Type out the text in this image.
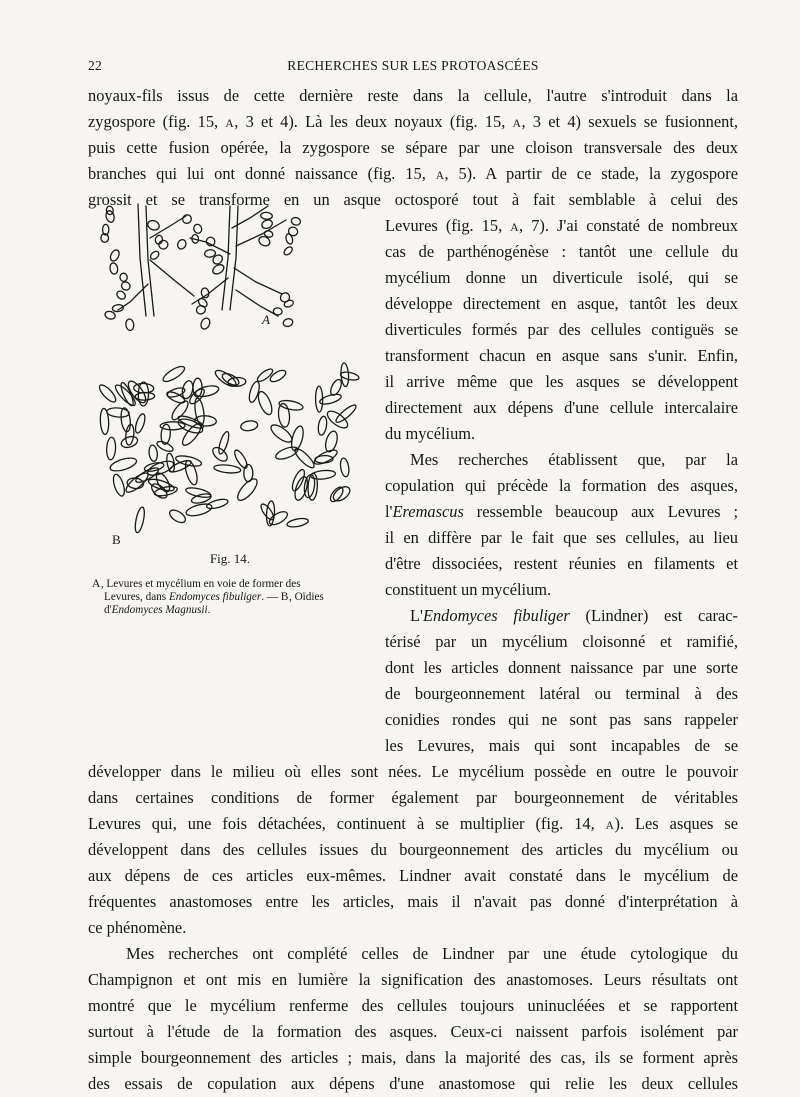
22	RECHERCHES SUR LES PROTOASCÉES
noyaux-fils issus de cette dernière reste dans la cellule, l'autre s'introduit dans la
zygospore (fig. 15, A, 3 et 4). Là les deux noyaux (fig. 15, A, 3 et 4) sexuels se fusionnent,
puis cette fusion opérée, la zygospore se sépare par une cloison transversale des deux
branches qui lui ont donné naissance (fig. 15, A, 5). A partir de ce stade, la zygospore
grossit et se transforme en un asque octosporé tout à fait semblable à celui des
Levures (fig. 15, A, 7). J'ai constaté de nombreux
cas de parthénogénèse : tantôt une cellule du
mycélium donne un diverticule isolé, qui se
développe directement en asque, tantôt les deux
diverticules formés par des cellules contiguës se
transforment chacun en asque sans s'unir. Enfin,
il arrive même que les asques se développent
directement aux dépens d'une cellule intercalaire
du mycélium.
Mes recherches établissent que, par la
copulation qui précède la formation des asques,
l'Eremascus ressemble beaucoup aux Levures ;
il en diffère par le fait que ses cellules, au lieu
d'être dissociées, restent réunies en filaments et
constituent un mycélium.
L'Endomyces fibuliger (Lindner) est carac-
térisé par un mycélium cloisonné et ramifié,
dont les articles donnent naissance par une sorte
de bourgeonnement latéral ou terminal à des
conidies rondes qui ne sont pas sans rappeler
les Levures, mais qui sont incapables de se
développer dans le milieu où elles sont nées. Le mycélium possède en outre le pouvoir
dans certaines conditions de former également par bourgeonnement de véritables
Levures qui, une fois détachées, continuent à se multiplier (fig. 14, A). Les asques se
développent dans des cellules issues du bourgeonnement des articles du mycélium ou
aux dépens de ces articles eux-mêmes. Lindner avait constaté dans le mycélium de
fréquentes anastomoses entre les articles, mais il n'avait pas donné d'interprétation à
ce phénomène.
Mes recherches ont complété celles de Lindner par une étude cytologique du
Champignon et ont mis en lumière la signification des anastomoses. Leurs résultats ont
montré que le mycélium renferme des cellules toujours uninucléées et se rapportent
surtout à l'étude de la formation des asques. Ceux-ci naissent parfois isolément par
simple bourgeonnement des articles ; mais, dans la majorité des cas, ils se forment après
des essais de copulation aux dépens d'une anastomose qui relie les deux cellules
A
B
Fig. 14.
A, Levures et mycélium en voie de former des
Levures, dans Endomyces fibuliger. — B, Oïdies
d'Endomyces Magnusii.
